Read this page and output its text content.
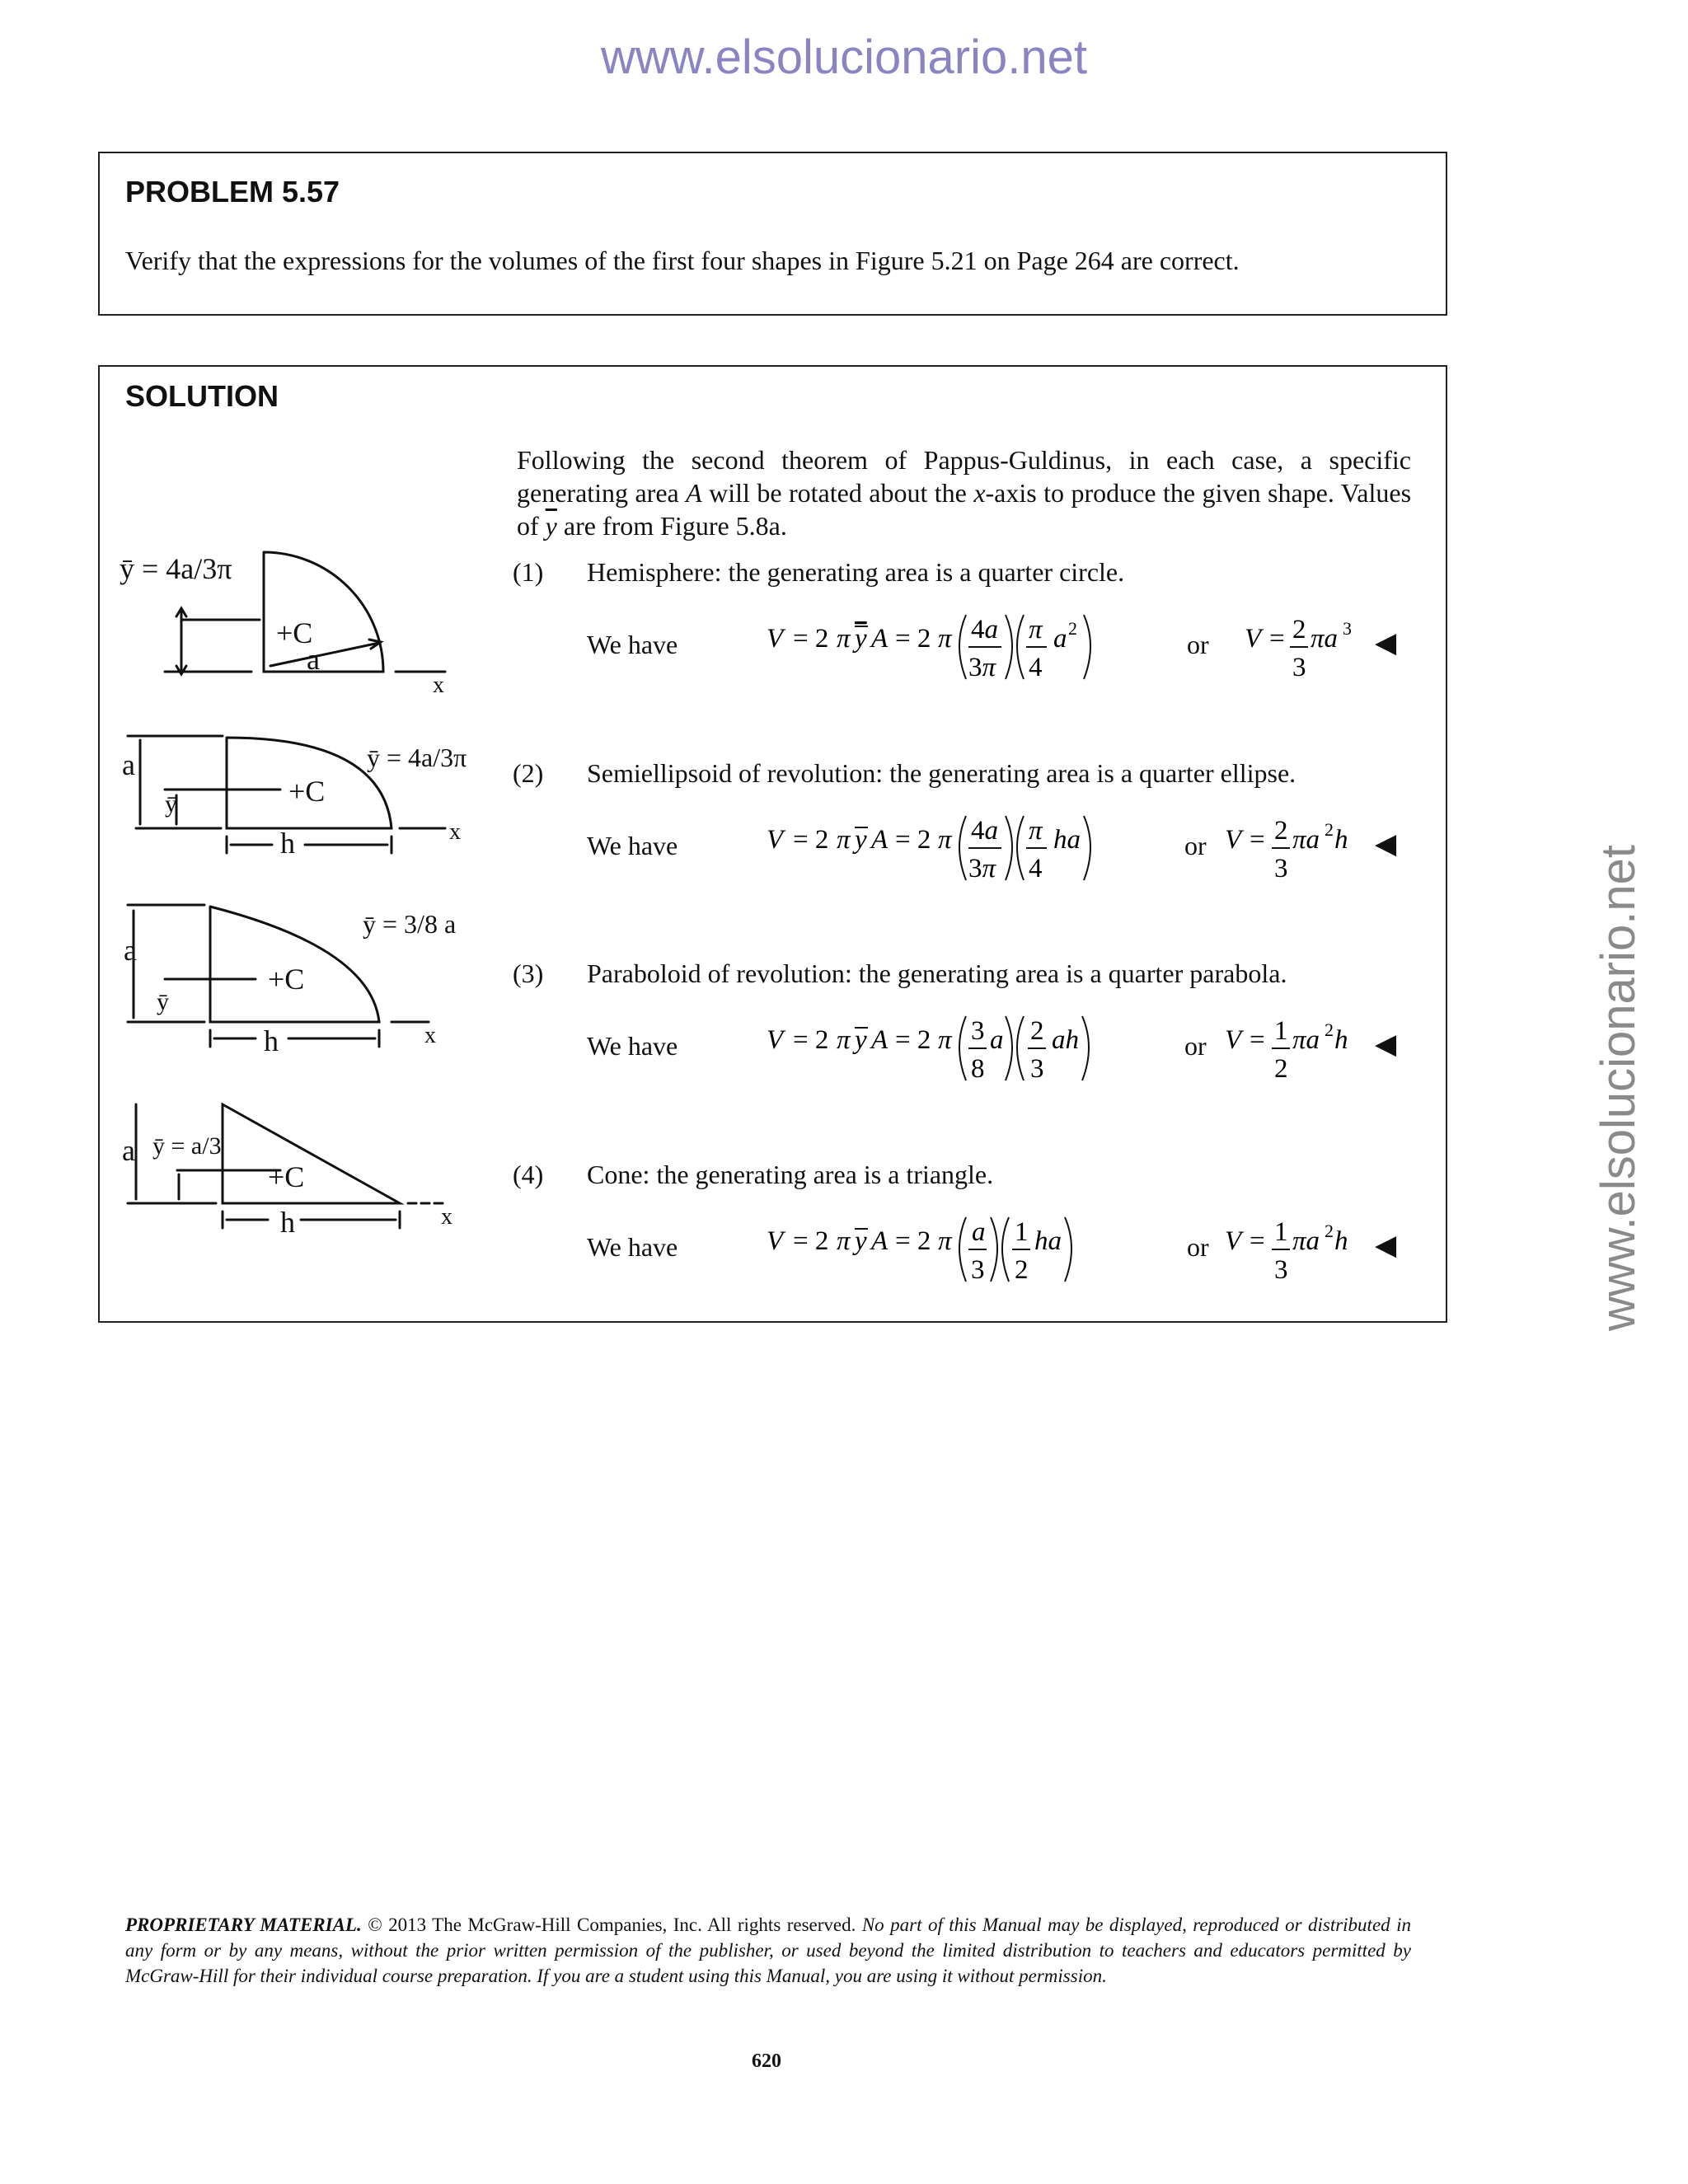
www.elsolucionario.net
www.elsolucionario.net
PROBLEM 5.57
Verify that the expressions for the volumes of the first four shapes in Figure 5.21 on Page 264 are correct.
SOLUTION
Following the second theorem of Pappus-Guldinus, in each case, a specific generating area A will be rotated about the x-axis to produce the given shape. Values of $\overline{y}$ are from Figure 5.8a.
(1) Hemisphere: the generating area is a quarter circle.
(2) Semiellipsoid of revolution: the generating area is a quarter ellipse.
(3) Paraboloid of revolution: the generating area is a quarter parabola.
(4) Cone: the generating area is a triangle.
We have	or	◀
We have	or	◀
We have	or	◀
We have	or	◀
V = 2 π y A = 2 π 4a
3π
π
4
a 2	V = 2
3
πa 3
V = 2 π y A = 2 π 4a
3π
π
4
ha	V = 2
3
πa 2 h
V = 2 π y A = 2 π 3
8
a 2
3
ah	V = 1
2
πa 2 h
V = 2 π y A = 2 π a
3
1
2
ha	V = 1
3
πa 2 h
ȳ = 4a/3π
+C
a
x
ȳ = 4a/3π
a
ȳ	+C
h	x
ȳ = 3/8 a
a
ȳ
+C
h	x
a ȳ = a/3
+C
h	x
PROPRIETARY MATERIAL. © 2013 The McGraw-Hill Companies, Inc. All rights reserved. No part of this Manual may be displayed, reproduced or distributed in any form or by any means, without the prior written permission of the publisher, or used beyond the limited distribution to teachers and educators permitted by McGraw-Hill for their individual course preparation. If you are a student using this Manual, you are using it without permission.
620
